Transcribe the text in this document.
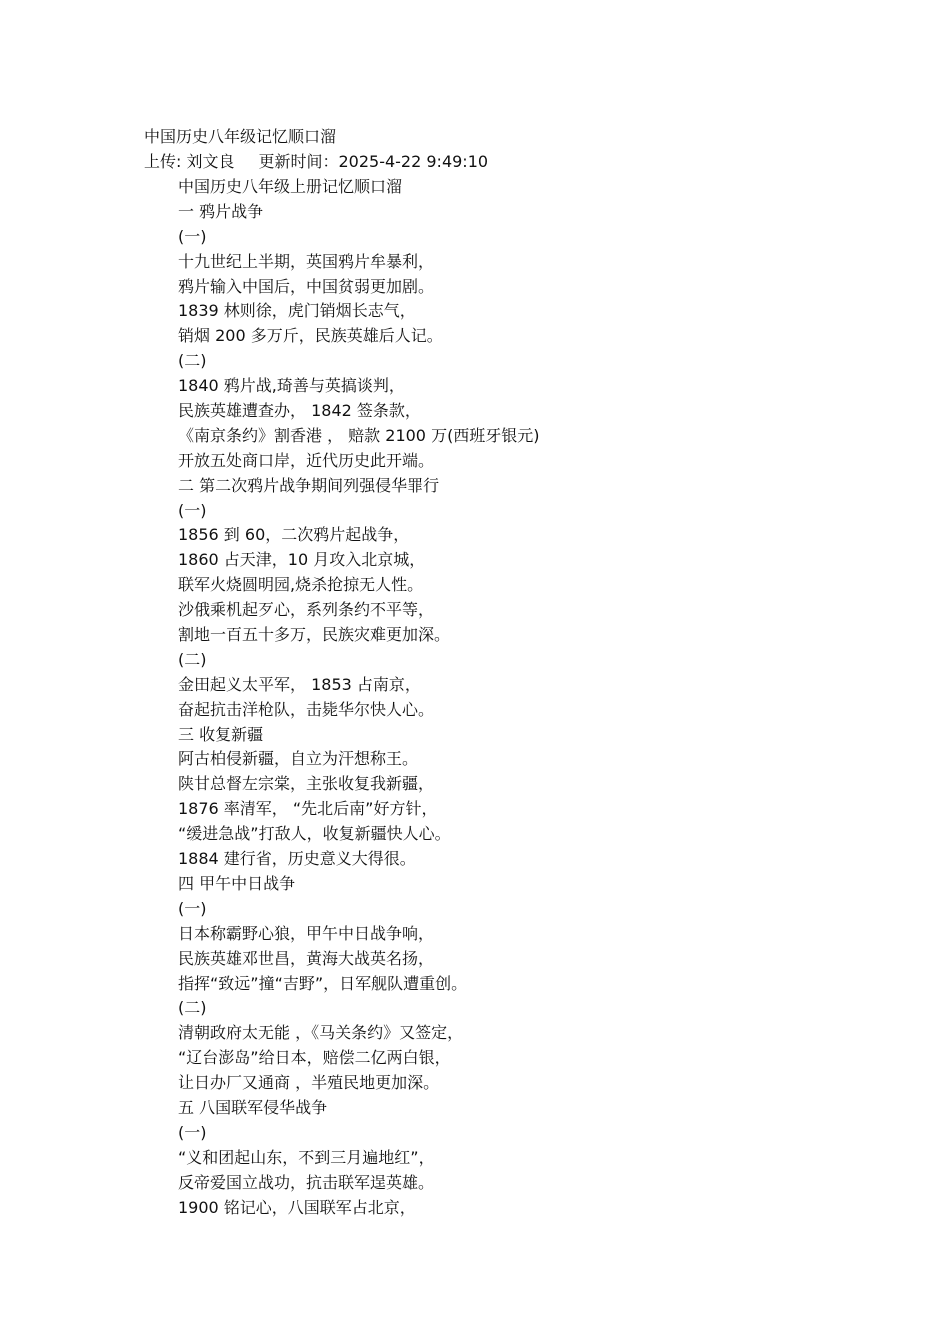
中国历史八年级记忆顺口溜
上传: 刘文良 更新时间：2025-4-22 9:49:10
中国历史八年级上册记忆顺口溜
一 鸦片战争
(一)
十九世纪上半期，英国鸦片牟暴利，
鸦片输入中国后，中国贫弱更加剧。
1839 林则徐，虎门销烟长志气，
销烟 200 多万斤，民族英雄后人记。
(二)
1840 鸦片战,琦善与英搞谈判，
民族英雄遭查办， 1842 签条款，
《南京条约》割香港 ， 赔款 2100 万(西班牙银元)
开放五处商口岸，近代历史此开端。
二 第二次鸦片战争期间列强侵华罪行
(一)
1856 到 60，二次鸦片起战争，
1860 占天津，10 月攻入北京城，
联军火烧圆明园,烧杀抢掠无人性。
沙俄乘机起歹心，系列条约不平等，
割地一百五十多万，民族灾难更加深。
(二)
金田起义太平军， 1853 占南京，
奋起抗击洋枪队，击毙华尔快人心。
三 收复新疆
阿古柏侵新疆，自立为汗想称王。
陕甘总督左宗棠，主张收复我新疆，
1876 率清军， “先北后南”好方针，
“缓进急战”打敌人，收复新疆快人心。
1884 建行省，历史意义大得很。
四 甲午中日战争
(一)
日本称霸野心狼，甲午中日战争响，
民族英雄邓世昌，黄海大战英名扬，
指挥“致远”撞“吉野”，日军舰队遭重创。
(二)
清朝政府太无能 ，《马关条约》又签定，
“辽台澎岛”给日本，赔偿二亿两白银，
让日办厂又通商 ，半殖民地更加深。
五 八国联军侵华战争
(一)
“义和团起山东，不到三月遍地红”，
反帝爱国立战功，抗击联军逞英雄。
1900 铭记心，八国联军占北京，
